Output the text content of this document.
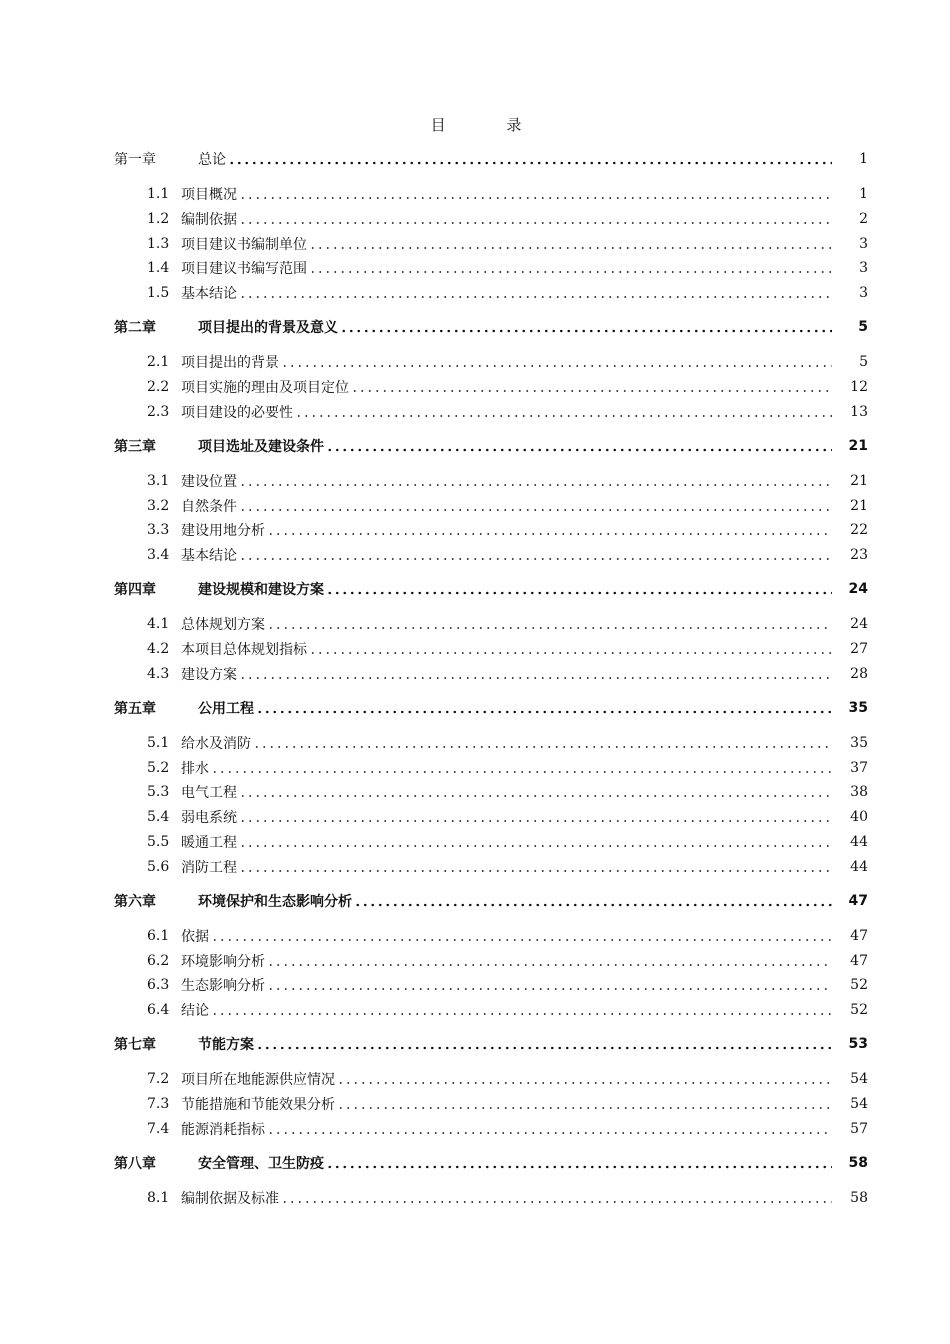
目 录
第一章	总论	1
1.1 项目概况	1
1.2 编制依据	2
1.3 项目建议书编制单位	3
1.4 项目建议书编写范围	3
1.5 基本结论	3
第二章	项目提出的背景及意义	5
2.1 项目提出的背景	5
2.2 项目实施的理由及项目定位	12
2.3 项目建设的必要性	13
第三章	项目选址及建设条件	21
3.1 建设位置	21
3.2 自然条件	21
3.3 建设用地分析	22
3.4 基本结论	23
第四章	建设规模和建设方案	24
4.1 总体规划方案	24
4.2 本项目总体规划指标	27
4.3 建设方案	28
第五章	公用工程	35
5.1 给水及消防	35
5.2 排水	37
5.3 电气工程	38
5.4 弱电系统	40
5.5 暖通工程	44
5.6 消防工程	44
第六章	环境保护和生态影响分析	47
6.1 依据	47
6.2 环境影响分析	47
6.3 生态影响分析	52
6.4 结论	52
第七章	节能方案	53
7.2 项目所在地能源供应情况	54
7.3 节能措施和节能效果分析	54
7.4 能源消耗指标	57
第八章	安全管理、卫生防疫	58
8.1 编制依据及标准	58
